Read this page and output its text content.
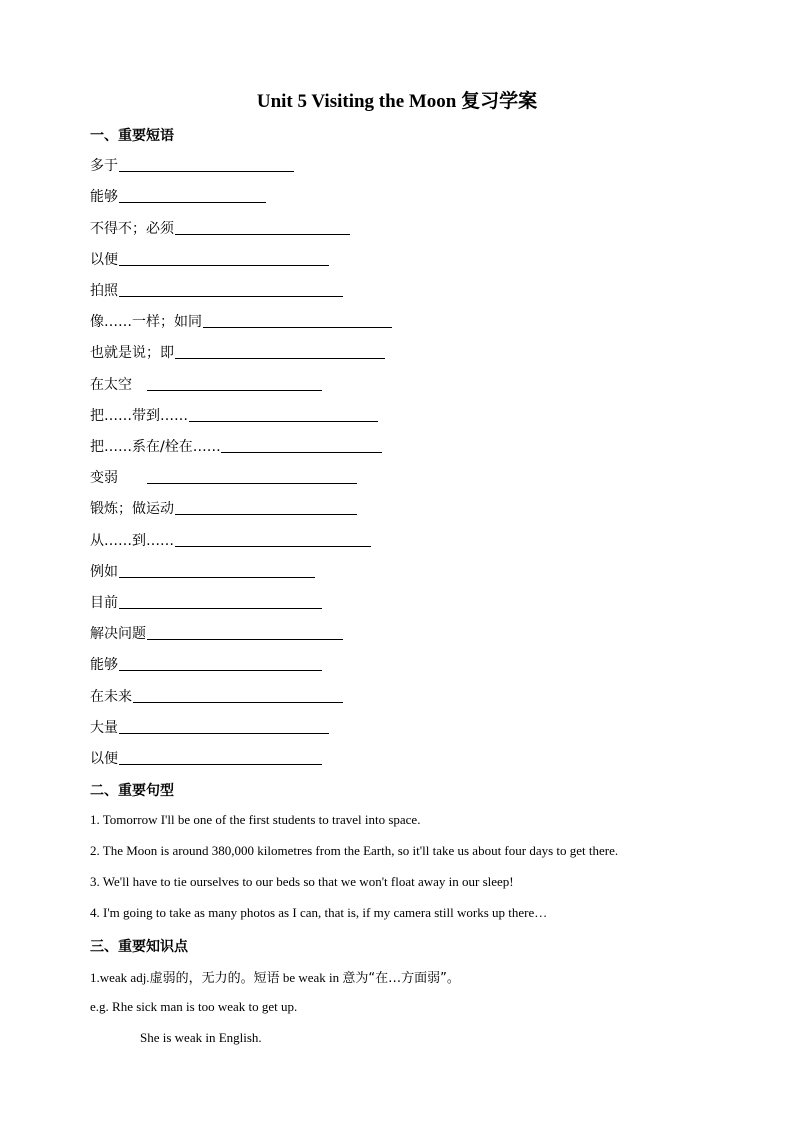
Unit 5 Visiting the Moon 复习学案
一、重要短语
多于
能够
不得不；必须
以便
拍照
像……一样；如同
也就是说；即
在太空
把……带到……
把……系在/栓在……
变弱
锻炼；做运动
从……到……
例如
目前
解决问题
能够
在未来
大量
以便
二、重要句型
1. Tomorrow I'll be one of the first students to travel into space.
2. The Moon is around 380,000 kilometres from the Earth, so it'll take us about four days to get there.
3. We'll have to tie ourselves to our beds so that we won't float away in our sleep!
4. I'm going to take as many photos as I can, that is, if my camera still works up there…
三、重要知识点
1.weak adj.虚弱的，无力的。短语 be weak in 意为“在…方面弱”。
e.g. Rhe sick man is too weak to get up.
She is weak in English.
